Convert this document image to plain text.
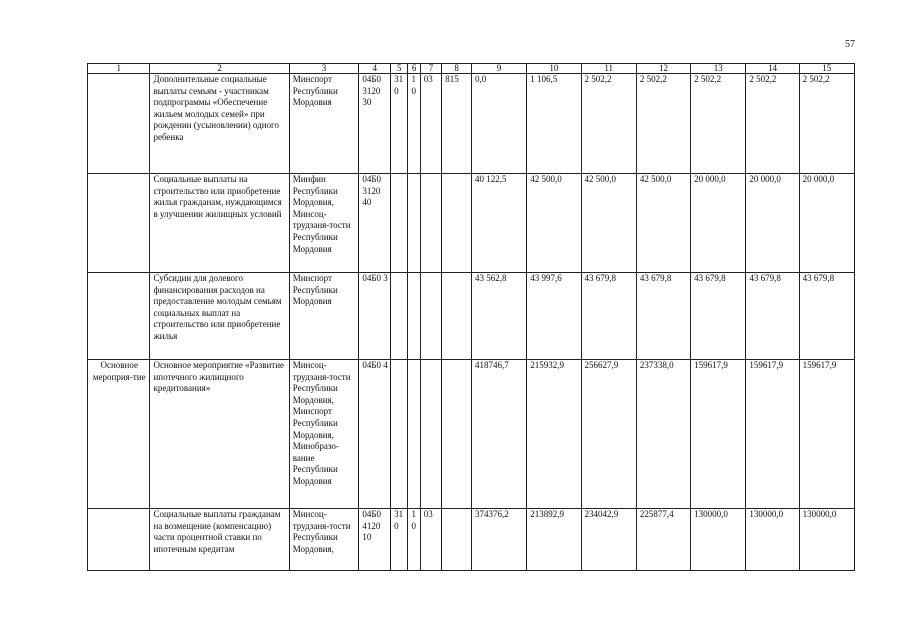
57
1	2	3	4	5	6	7	8	9	10	11	12	13	14	15
	Дополнительные социальные выплаты семьям - участникам подпрограммы «Обеспечение жильем молодых семей» при рождении (усыновлении) одного ребенка	Минспорт Республики Мордовия	04Б0 3120 30	31 0	1 0	03	815	0,0	1 106,5	2 502,2	2 502,2	2 502,2	2 502,2	2 502,2
	Социальные выплаты на строительство или приобретение жилья гражданам, нуждающимся в улучшении жилищных условий	Минфин Республики Мордовия, Минсоц-трудзаня-тости Республики Мордовия	04Б0 3120 40					40 122,5	42 500,0	42 500,0	42 500,0	20 000,0	20 000,0	20 000,0
	Субсидии для долевого финансирования расходов на предоставление молодым семьям социальных выплат на строительство или приобретение жилья	Минспорт Республики Мордовия	04Б0 3					43 562,8	43 997,6	43 679,8	43 679,8	43 679,8	43 679,8	43 679,8
Основное мероприя-тие	Основное мероприятие «Развитие ипотечного жилищного кредитования»	Минсоц-трудзаня-тости Республики Мордовия, Минспорт Республики Мордовия, Минобразо-вание Республики Мордовия	04Б0 4					418746,7	215932,9	256627,9	237338,0	159617,9	159617,9	159617,9
	Социальные выплаты гражданам на возмещение (компенсацию) части процентной ставки по ипотечным кредитам	Минсоц-трудзаня-тости Республики Мордовия,	04Б0 4120 10	31 0	1 0	03		374376,2	213892,9	234042,9	225877,4	130000,0	130000,0	130000,0
